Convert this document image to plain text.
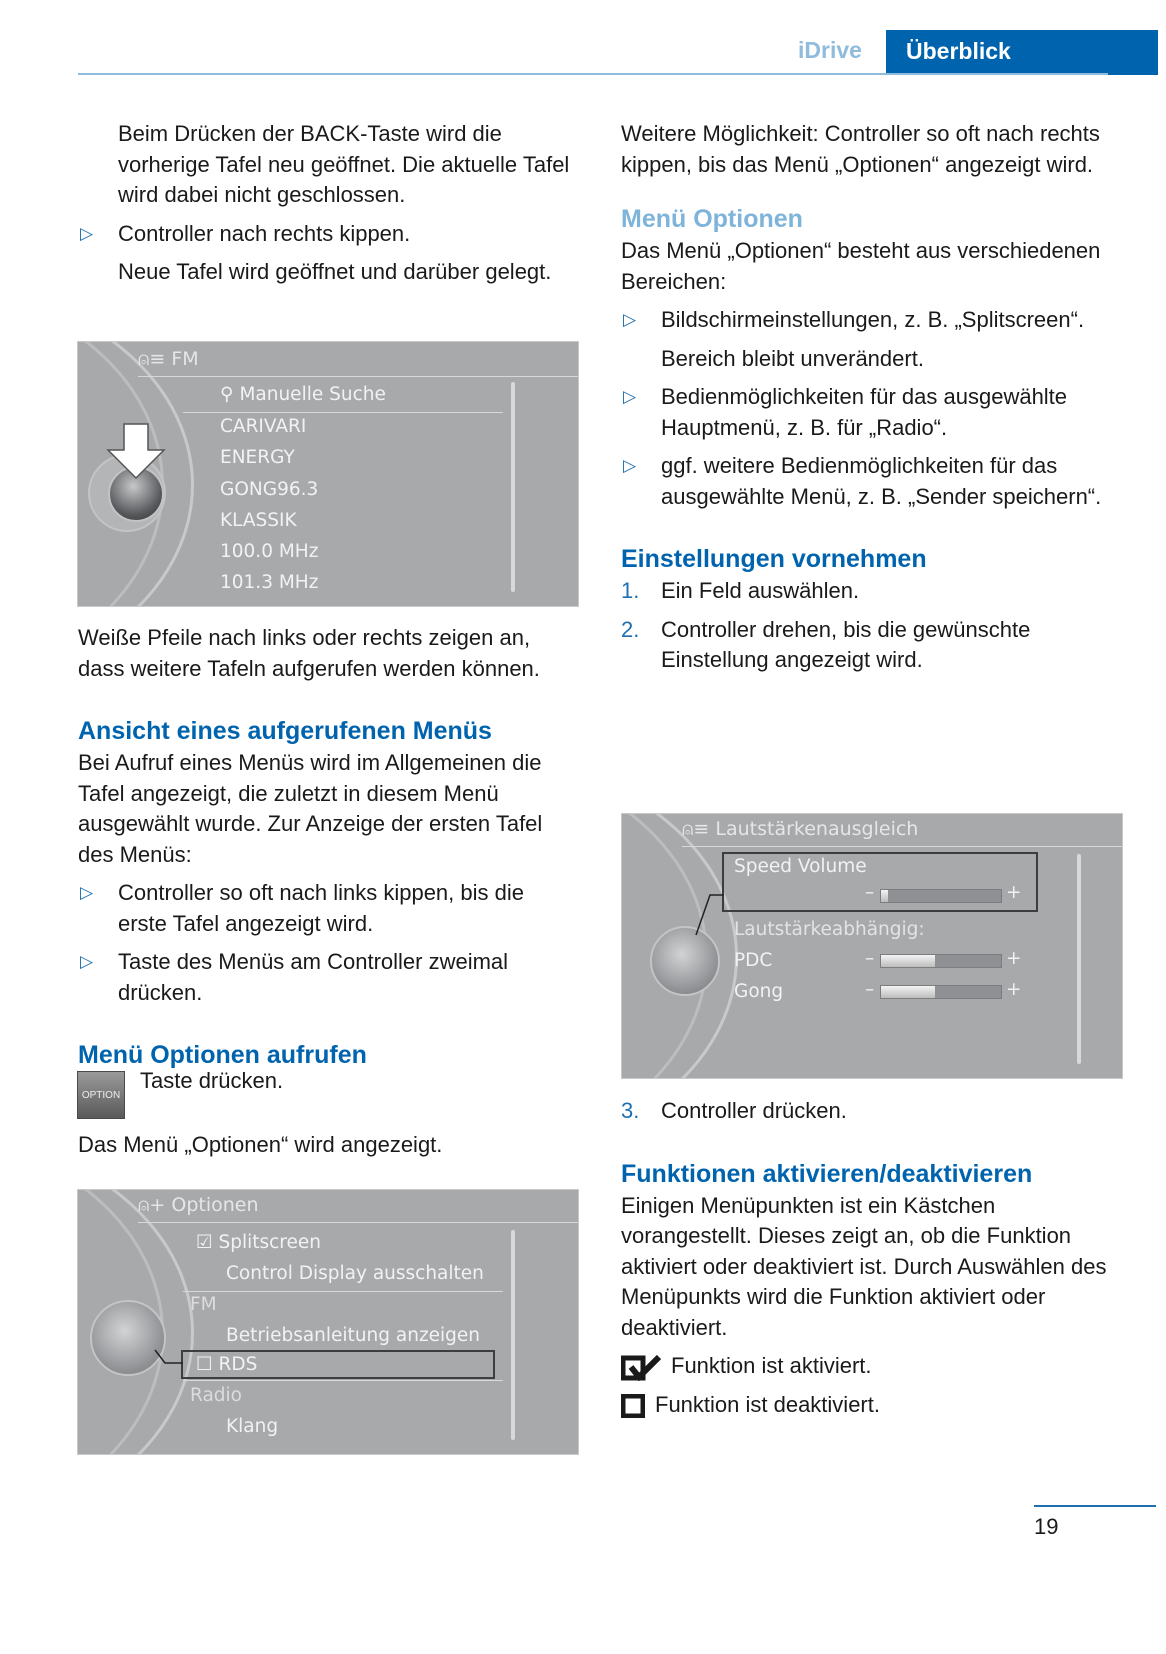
iDrive	Überblick

Beim Drücken der BACK-Taste wird die vorherige Tafel neu geöffnet. Die aktuelle Tafel wird dabei nicht geschlossen.

▷ Controller nach rechts kippen.

Neue Tafel wird geöffnet und darüber gelegt.

⍝≡ FM
⚲ Manuelle Suche
CARIVARI
ENERGY
GONG96.3
KLASSIK
100.0 MHz
101.3 MHz

Weiße Pfeile nach links oder rechts zeigen an, dass weitere Tafeln aufgerufen werden können.

Ansicht eines aufgerufenen Menüs

Bei Aufruf eines Menüs wird im Allgemeinen die Tafel angezeigt, die zuletzt in diesem Menü ausgewählt wurde. Zur Anzeige der ersten Tafel des Menüs:

▷ Controller so oft nach links kippen, bis die erste Tafel angezeigt wird.

▷ Taste des Menüs am Controller zweimal drücken.

Menü Optionen aufrufen
OPTION
Taste drücken.
Das Menü „Optionen“ wird angezeigt.
⍝+ Optionen
☑ Splitscreen
Control Display ausschalten
FM
Betriebsanleitung anzeigen
☐ RDS
Radio
Klang

Weitere Möglichkeit: Controller so oft nach rechts kippen, bis das Menü „Optionen“ angezeigt wird.

Menü Optionen

Das Menü „Optionen“ besteht aus verschiedenen Bereichen:

▷ Bildschirmeinstellungen, z. B. „Splitscreen“.

Bereich bleibt unverändert.

▷ Bedienmöglichkeiten für das ausgewählte Hauptmenü, z. B. für „Radio“.

▷ ggf. weitere Bedienmöglichkeiten für das ausgewählte Menü, z. B. „Sender speichern“.

Einstellungen vornehmen

1. Ein Feld auswählen.

2. Controller drehen, bis die gewünschte Einstellung angezeigt wird.

⍝≡ Lautstärkenausgleich
Speed Volume
–	+
Lautstärkeabhängig:
PDC	–	+
Gong	–	+

3. Controller drücken.

Funktionen aktivieren/deaktivieren

Einigen Menüpunkten ist ein Kästchen vorangestellt. Dieses zeigt an, ob die Funktion aktiviert oder deaktiviert ist. Durch Auswählen des Menüpunkts wird die Funktion aktiviert oder deaktiviert.

Funktion ist aktiviert.

Funktion ist deaktiviert.

19
